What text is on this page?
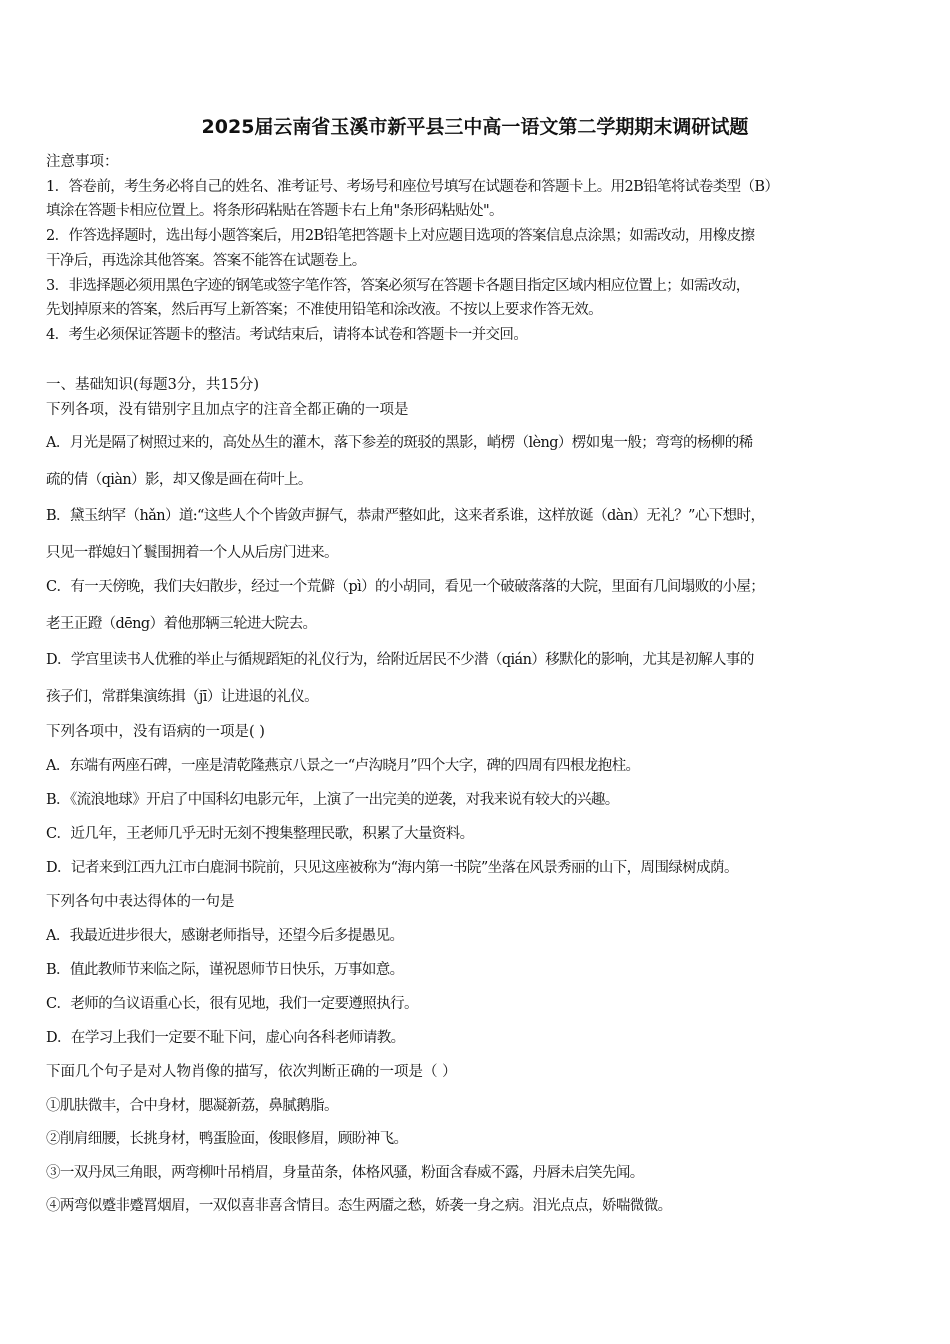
2025届云南省玉溪市新平县三中高一语文第二学期期末调研试题
注意事项：
1．答卷前，考生务必将自己的姓名、准考证号、考场号和座位号填写在试题卷和答题卡上。用2B铅笔将试卷类型（B）
填涂在答题卡相应位置上。将条形码粘贴在答题卡右上角"条形码粘贴处"。
2．作答选择题时，选出每小题答案后，用2B铅笔把答题卡上对应题目选项的答案信息点涂黑；如需改动，用橡皮擦
干净后，再选涂其他答案。答案不能答在试题卷上。
3．非选择题必须用黑色字迹的钢笔或签字笔作答，答案必须写在答题卡各题目指定区域内相应位置上；如需改动，
先划掉原来的答案，然后再写上新答案；不准使用铅笔和涂改液。不按以上要求作答无效。
4．考生必须保证答题卡的整洁。考试结束后，请将本试卷和答题卡一并交回。
一、基础知识(每题3分，共15分)
下列各项，没有错别字且加点字的注音全都正确的一项是
A．月光是隔了树照过来的，高处丛生的灌木，落下参差的斑驳的黑影，峭楞（lèng）楞如鬼一般；弯弯的杨柳的稀
疏的倩（qiàn）影，却又像是画在荷叶上。
B．黛玉纳罕（hǎn）道:“这些人个个皆敛声摒气，恭肃严整如此，这来者系谁，这样放诞（dàn）无礼？”心下想时，
只见一群媳妇丫鬟围拥着一个人从后房门进来。
C．有一天傍晚，我们夫妇散步，经过一个荒僻（pì）的小胡同，看见一个破破落落的大院，里面有几间塌败的小屋；
老王正蹬（dēng）着他那辆三轮进大院去。
D．学宫里读书人优雅的举止与循规蹈矩的礼仪行为，给附近居民不少潜（qián）移默化的影响，尤其是初解人事的
孩子们，常群集演练揖（jī）让进退的礼仪。
下列各项中，没有语病的一项是( )
A．东端有两座石碑，一座是清乾隆燕京八景之一“卢沟晓月”四个大字，碑的四周有四根龙抱柱。
B．《流浪地球》开启了中国科幻电影元年，上演了一出完美的逆袭，对我来说有较大的兴趣。
C．近几年，王老师几乎无时无刻不搜集整理民歌，积累了大量资料。
D．记者来到江西九江市白鹿洞书院前，只见这座被称为“海内第一书院”坐落在风景秀丽的山下，周围绿树成荫。
下列各句中表达得体的一句是
A．我最近进步很大，感谢老师指导，还望今后多提愚见。
B．值此教师节来临之际，谨祝恩师节日快乐，万事如意。
C．老师的刍议语重心长，很有见地，我们一定要遵照执行。
D．在学习上我们一定要不耻下问，虚心向各科老师请教。
下面几个句子是对人物肖像的描写，依次判断正确的一项是（ ）
①肌肤微丰，合中身材，腮凝新荔，鼻腻鹅脂。
②削肩细腰，长挑身材，鸭蛋脸面，俊眼修眉，顾盼神飞。
③一双丹凤三角眼，两弯柳叶吊梢眉，身量苗条，体格风骚，粉面含春威不露，丹唇未启笑先闻。
④两弯似蹙非蹙罥烟眉，一双似喜非喜含情目。态生两靥之愁，娇袭一身之病。泪光点点，娇喘微微。
